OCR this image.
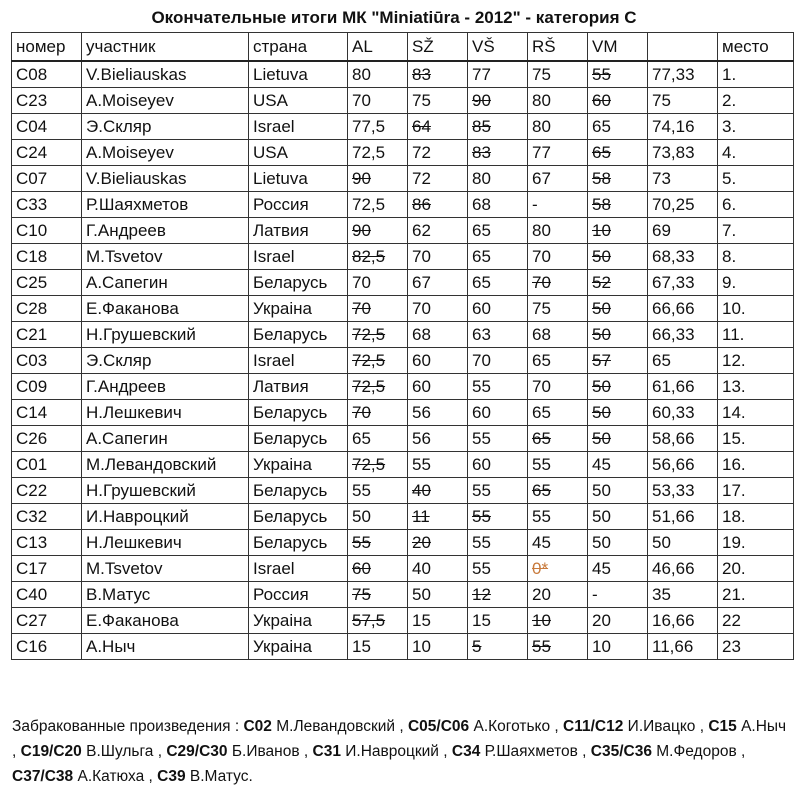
Окончательные итоги МК "Miniatiūra - 2012" - категория С
номер	участник	страна	AL	SŽ	VŠ	RŠ	VM		место
C08	V.Bieliauskas	Lietuva	80	83	77	75	55	77,33	1.
C23	A.Moiseyev	USA	70	75	90	80	60	75	2.
C04	Э.Скляр	Israel	77,5	64	85	80	65	74,16	3.
C24	A.Moiseyev	USA	72,5	72	83	77	65	73,83	4.
C07	V.Bieliauskas	Lietuva	90	72	80	67	58	73	5.
C33	Р.Шаяхметов	Россия	72,5	86	68	-	58	70,25	6.
C10	Г.Андреев	Латвия	90	62	65	80	10	69	7.
C18	M.Tsvetov	Israel	82,5	70	65	70	50	68,33	8.
C25	А.Сапегин	Беларусь	70	67	65	70	52	67,33	9.
C28	Е.Факанова	Украіна	70	70	60	75	50	66,66	10.
C21	Н.Грушевский	Беларусь	72,5	68	63	68	50	66,33	11.
C03	Э.Скляр	Israel	72,5	60	70	65	57	65	12.
C09	Г.Андреев	Латвия	72,5	60	55	70	50	61,66	13.
C14	Н.Лешкевич	Беларусь	70	56	60	65	50	60,33	14.
C26	А.Сапегин	Беларусь	65	56	55	65	50	58,66	15.
C01	М.Левандовский	Украіна	72,5	55	60	55	45	56,66	16.
C22	Н.Грушевский	Беларусь	55	40	55	65	50	53,33	17.
C32	И.Навроцкий	Беларусь	50	11	55	55	50	51,66	18.
C13	Н.Лешкевич	Беларусь	55	20	55	45	50	50	19.
C17	M.Tsvetov	Israel	60	40	55	0*	45	46,66	20.
C40	В.Матус	Россия	75	50	12	20	-	35	21.
C27	Е.Факанова	Украіна	57,5	15	15	10	20	16,66	22
C16	А.Ныч	Украіна	15	10	5	55	10	11,66	23
Забракованные произведения : C02 М.Левандовский , C05/C06 А.Коготько , C11/C12 И.Ивацко , C15 А.Ныч , C19/C20 В.Шульга , C29/C30 Б.Иванов , C31 И.Навроцкий , C34 Р.Шаяхметов , C35/C36 М.Федоров , C37/C38 А.Катюха , C39 В.Матус.
